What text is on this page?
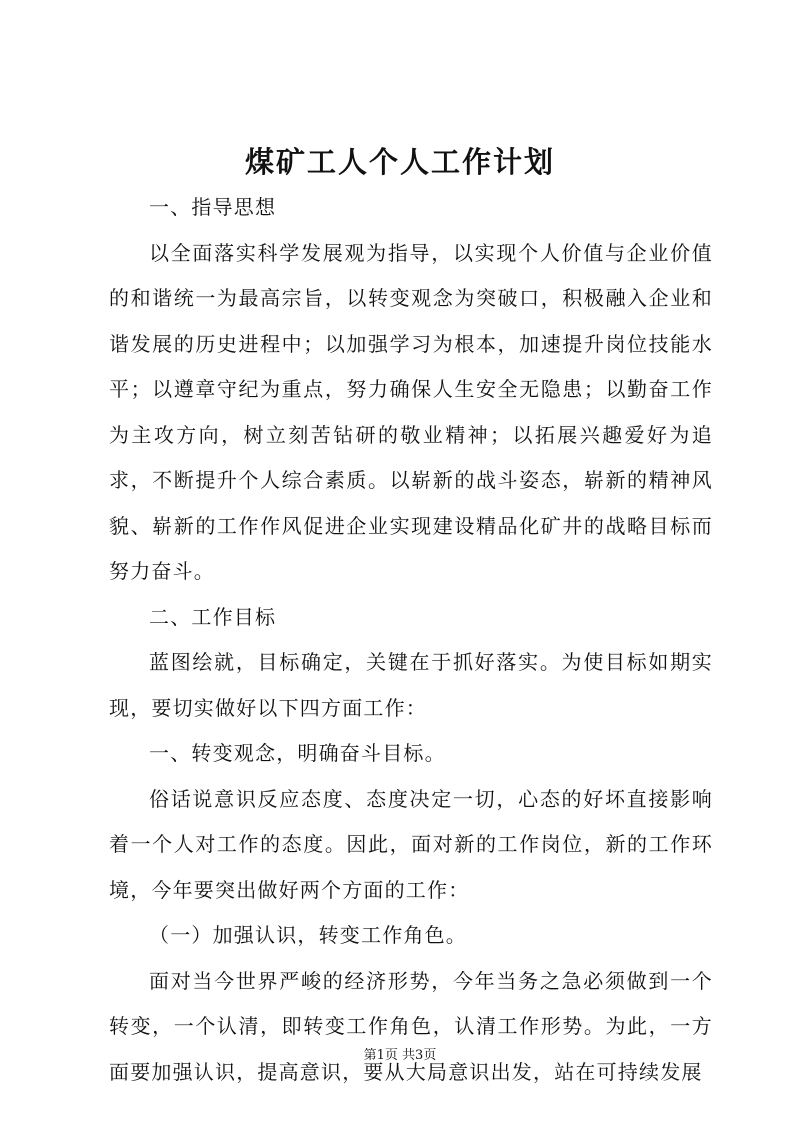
煤矿工人个人工作计划

一、指导思想

以全面落实科学发展观为指导，以实现个人价值与企业价值的和谐统一为最高宗旨，以转变观念为突破口，积极融入企业和谐发展的历史进程中；以加强学习为根本，加速提升岗位技能水平；以遵章守纪为重点，努力确保人生安全无隐患；以勤奋工作为主攻方向，树立刻苦钻研的敬业精神；以拓展兴趣爱好为追求，不断提升个人综合素质。以崭新的战斗姿态，崭新的精神风貌、崭新的工作作风促进企业实现建设精品化矿井的战略目标而努力奋斗。

二、工作目标

蓝图绘就，目标确定，关键在于抓好落实。为使目标如期实现，要切实做好以下四方面工作：

一、转变观念，明确奋斗目标。

俗话说意识反应态度、态度决定一切，心态的好坏直接影响着一个人对工作的态度。因此，面对新的工作岗位，新的工作环境，今年要突出做好两个方面的工作：

（一）加强认识，转变工作角色。

面对当今世界严峻的经济形势，今年当务之急必须做到一个转变，一个认清，即转变工作角色，认清工作形势。为此，一方面要加强认识，提高意识，要从大局意识出发，站在可持续发展

第1页 共3页
